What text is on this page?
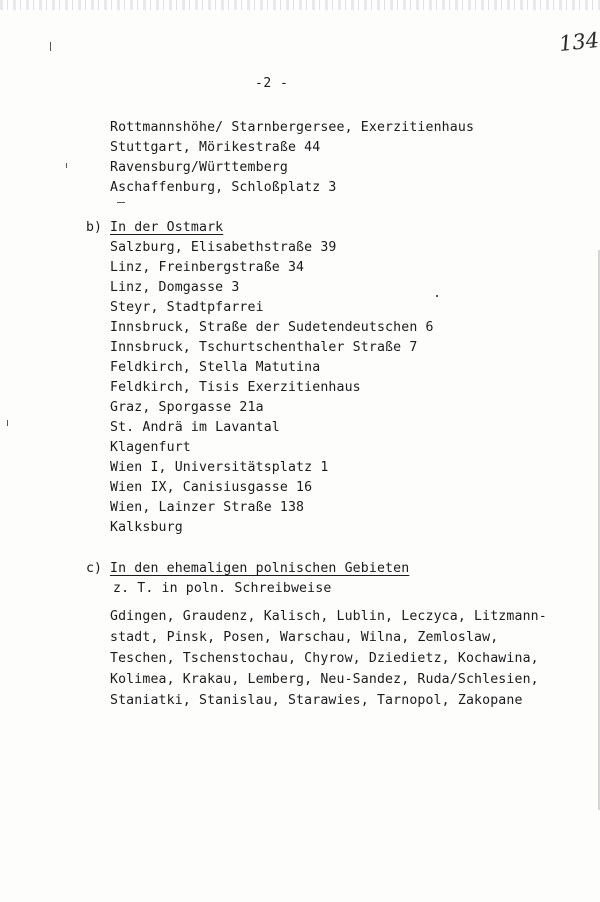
134
-2 -
Rottmannshöhe/ Starnbergersee, Exerzitienhaus
Stuttgart, Mörikestraße 44
Ravensburg/Württemberg
Aschaffenburg, Schloßplatz 3
b) In der Ostmark
Salzburg, Elisabethstraße 39
Linz, Freinbergstraße 34
Linz, Domgasse 3
Steyr, Stadtpfarrei
Innsbruck, Straße der Sudetendeutschen 6
Innsbruck, Tschurtschenthaler Straße 7
Feldkirch, Stella Matutina
Feldkirch, Tisis Exerzitienhaus
Graz, Sporgasse 21a
St. Andrä im Lavantal
Klagenfurt
Wien I, Universitätsplatz 1
Wien IX, Canisiusgasse 16
Wien, Lainzer Straße 138
Kalksburg
c) In den ehemaligen polnischen Gebieten
z. T. in poln. Schreibweise
Gdingen, Graudenz, Kalisch, Lublin, Leczyca, Litzmann-
stadt, Pinsk, Posen, Warschau, Wilna, Zemloslaw,
Teschen, Tschenstochau, Chyrow, Dziedietz, Kochawina,
Kolimea, Krakau, Lemberg, Neu-Sandez, Ruda/Schlesien,
Staniatki, Stanislau, Starawies, Tarnopol, Zakopane
